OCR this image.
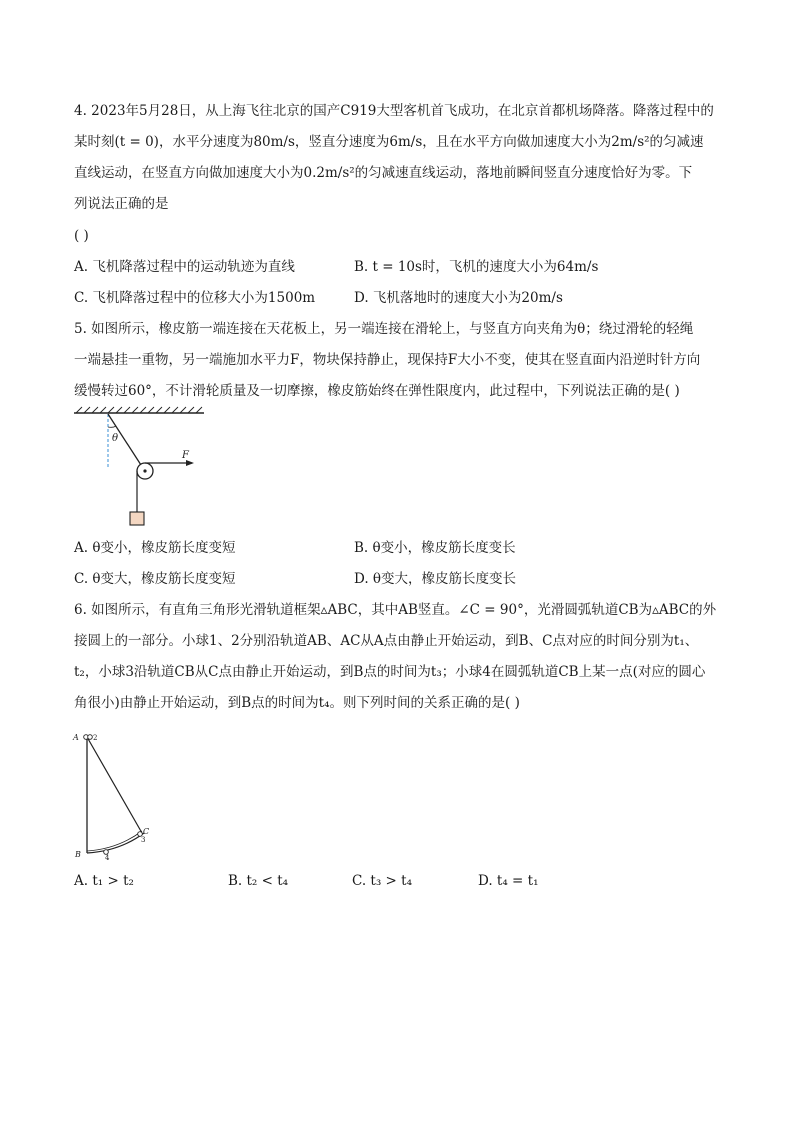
4. 2023年5月28日，从上海飞往北京的国产C919大型客机首飞成功，在北京首都机场降落。降落过程中的
某时刻(t = 0)，水平分速度为80m/s，竖直分速度为6m/s，且在水平方向做加速度大小为2m/s²的匀减速
直线运动，在竖直方向做加速度大小为0.2m/s²的匀减速直线运动，落地前瞬间竖直分速度恰好为零。下
列说法正确的是
( )
A. 飞机降落过程中的运动轨迹为直线	B. t = 10s时，飞机的速度大小为64m/s
C. 飞机降落过程中的位移大小为1500m	D. 飞机落地时的速度大小为20m/s
5. 如图所示，橡皮筋一端连接在天花板上，另一端连接在滑轮上，与竖直方向夹角为θ；绕过滑轮的轻绳
一端悬挂一重物，另一端施加水平力F，物块保持静止，现保持F大小不变，使其在竖直面内沿逆时针方向
缓慢转过60°，不计滑轮质量及一切摩擦，橡皮筋始终在弹性限度内，此过程中，下列说法正确的是( )
θ
F
A. θ变小，橡皮筋长度变短	B. θ变小，橡皮筋长度变长
C. θ变大，橡皮筋长度变短	D. θ变大，橡皮筋长度变长
6. 如图所示，有直角三角形光滑轨道框架▵ABC，其中AB竖直。∠C = 90°，光滑圆弧轨道CB为▵ABC的外
接圆上的一部分。小球1、2分别沿轨道AB、AC从A点由静止开始运动，到B、C点对应的时间分别为t₁、
t₂，小球3沿轨道CB从C点由静止开始运动，到B点的时间为t₃；小球4在圆弧轨道CB上某一点(对应的圆心
角很小)由静止开始运动，到B点的时间为t₄。则下列时间的关系正确的是( )
A
B
C
2
3
4
A. t₁ > t₂	B. t₂ < t₄	C. t₃ > t₄	D. t₄ = t₁
